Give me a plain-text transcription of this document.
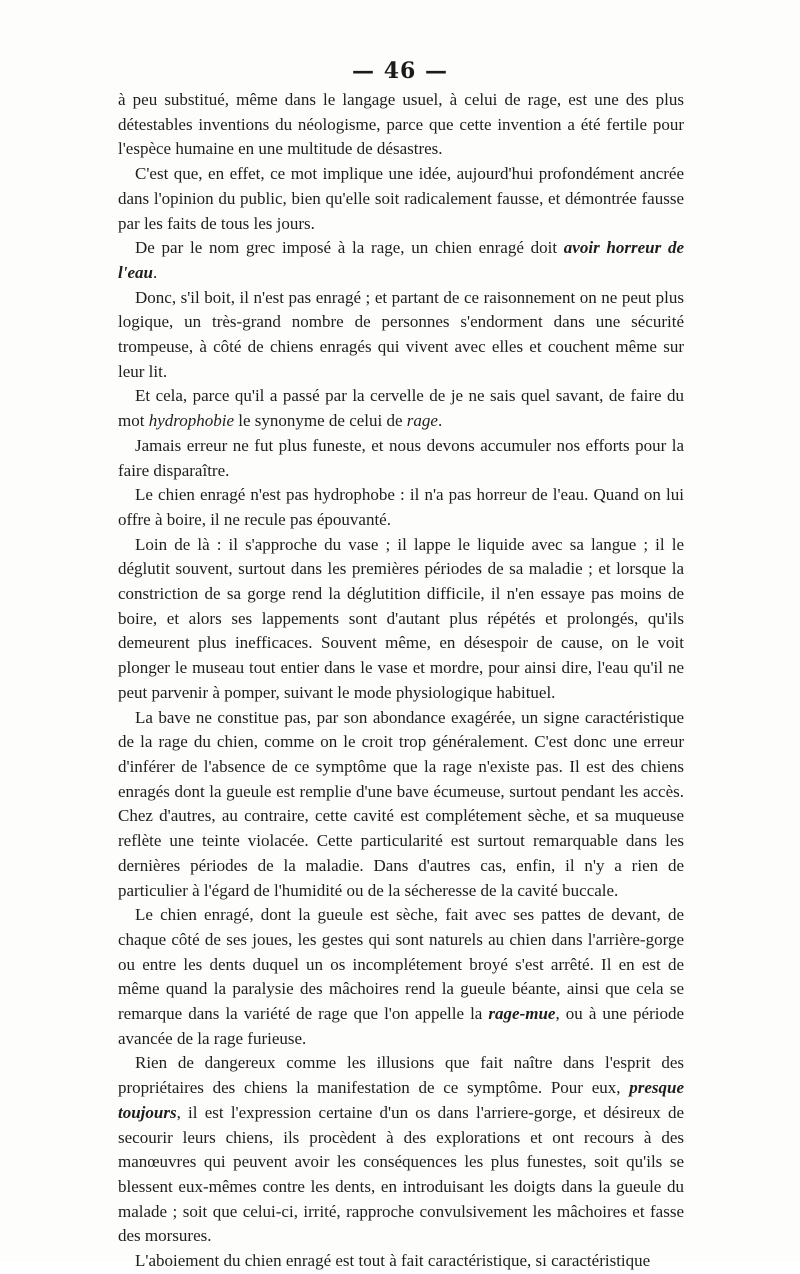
— 46 —

à peu substitué, même dans le langage usuel, à celui de rage, est une des plus détestables inventions du néologisme, parce que cette invention a été fertile pour l'espèce humaine en une multitude de désastres.

C'est que, en effet, ce mot implique une idée, aujourd'hui profondément ancrée dans l'opinion du public, bien qu'elle soit radicalement fausse, et démontrée fausse par les faits de tous les jours.

De par le nom grec imposé à la rage, un chien enragé doit avoir horreur de l'eau.

Donc, s'il boit, il n'est pas enragé ; et partant de ce raisonnement on ne peut plus logique, un très-grand nombre de personnes s'endorment dans une sécurité trompeuse, à côté de chiens enragés qui vivent avec elles et couchent même sur leur lit.

Et cela, parce qu'il a passé par la cervelle de je ne sais quel savant, de faire du mot hydrophobie le synonyme de celui de rage.

Jamais erreur ne fut plus funeste, et nous devons accumuler nos efforts pour la faire disparaître.

Le chien enragé n'est pas hydrophobe : il n'a pas horreur de l'eau. Quand on lui offre à boire, il ne recule pas épouvanté.

Loin de là : il s'approche du vase ; il lappe le liquide avec sa langue ; il le déglutit souvent, surtout dans les premières périodes de sa maladie ; et lorsque la constriction de sa gorge rend la déglutition difficile, il n'en essaye pas moins de boire, et alors ses lappements sont d'autant plus répétés et prolongés, qu'ils demeurent plus inefficaces. Souvent même, en désespoir de cause, on le voit plonger le museau tout entier dans le vase et mordre, pour ainsi dire, l'eau qu'il ne peut parvenir à pomper, suivant le mode physiologique habituel.

La bave ne constitue pas, par son abondance exagérée, un signe caractéristique de la rage du chien, comme on le croit trop généralement. C'est donc une erreur d'inférer de l'absence de ce symptôme que la rage n'existe pas. Il est des chiens enragés dont la gueule est remplie d'une bave écumeuse, surtout pendant les accès. Chez d'autres, au contraire, cette cavité est complétement sèche, et sa muqueuse reflète une teinte violacée. Cette particularité est surtout remarquable dans les dernières périodes de la maladie. Dans d'autres cas, enfin, il n'y a rien de particulier à l'égard de l'humidité ou de la sécheresse de la cavité buccale.

Le chien enragé, dont la gueule est sèche, fait avec ses pattes de devant, de chaque côté de ses joues, les gestes qui sont naturels au chien dans l'arrière-gorge ou entre les dents duquel un os incomplétement broyé s'est arrêté. Il en est de même quand la paralysie des mâchoires rend la gueule béante, ainsi que cela se remarque dans la variété de rage que l'on appelle la rage-mue, ou à une période avancée de la rage furieuse.

Rien de dangereux comme les illusions que fait naître dans l'esprit des propriétaires des chiens la manifestation de ce symptôme. Pour eux, presque toujours, il est l'expression certaine d'un os dans l'arriere-gorge, et désireux de secourir leurs chiens, ils procèdent à des explorations et ont recours à des manœuvres qui peuvent avoir les conséquences les plus funestes, soit qu'ils se blessent eux-mêmes contre les dents, en introduisant les doigts dans la gueule du malade ; soit que celui-ci, irrité, rapproche convulsivement les mâchoires et fasse des morsures.

L'aboiement du chien enragé est tout à fait caractéristique, si caractéristique
